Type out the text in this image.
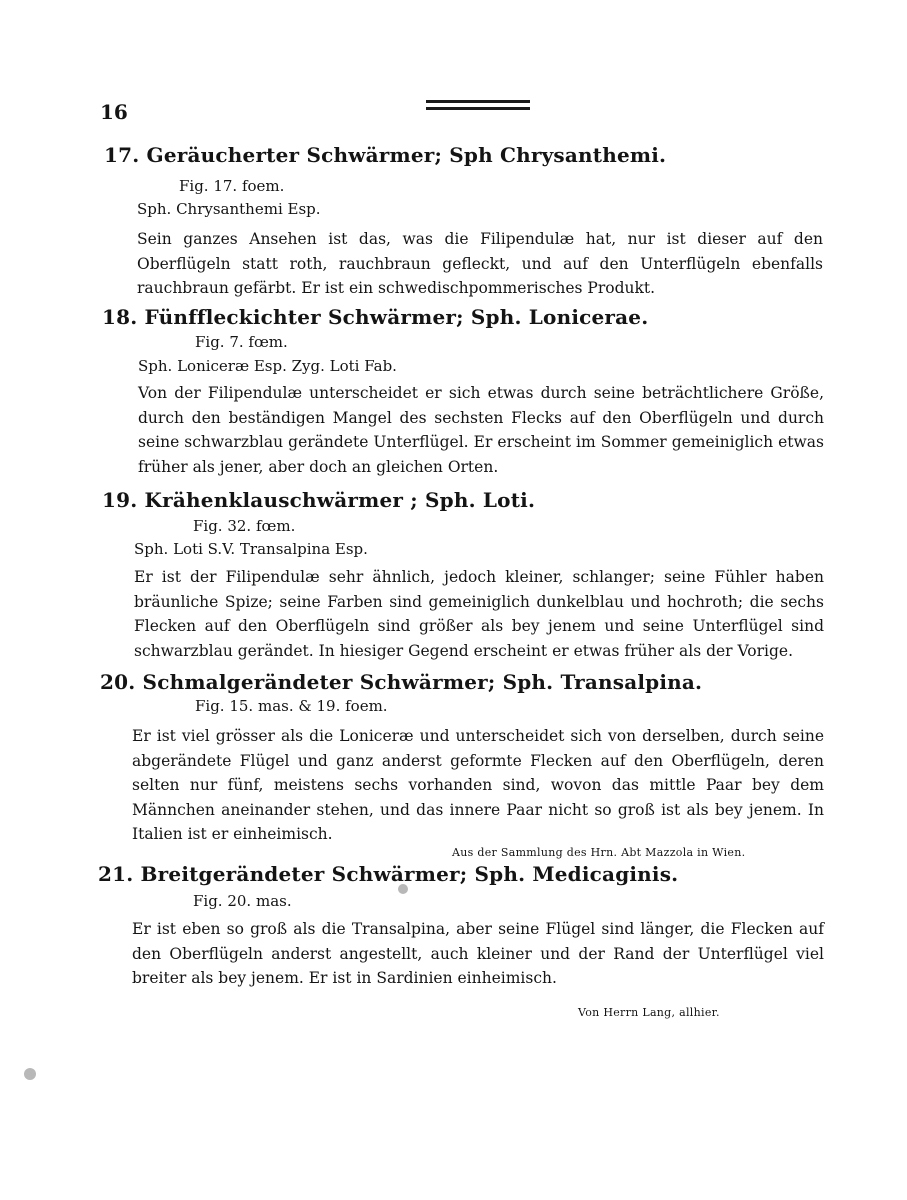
16
17. Geräucherter Schwärmer; Sph Chrysanthemi.
Fig. 17. foem.
Sph. Chrysanthemi Esp.
Sein ganzes Ansehen ist das, was die Filipendulæ hat, nur ist dieser auf den Oberflügeln statt roth, rauchbraun gefleckt, und auf den Unterflügeln ebenfalls rauchbraun gefärbt. Er ist ein schwedischpommerisches Produkt.
18. Fünffleckichter Schwärmer; Sph. Lonicerae.
Fig. 7. fœm.
Sph. Loniceræ Esp. Zyg. Loti Fab.
Von der Filipendulæ unterscheidet er sich etwas durch seine beträchtlichere Größe, durch den beständigen Mangel des sechsten Flecks auf den Oberflügeln und durch seine schwarzblau gerändete Unterflügel. Er erscheint im Sommer gemeiniglich etwas früher als jener, aber doch an gleichen Orten.
19. Krähenklauschwärmer ; Sph. Loti.
Fig. 32. fœm.
Sph. Loti S.V. Transalpina Esp.
Er ist der Filipendulæ sehr ähnlich, jedoch kleiner, schlanger; seine Fühler haben bräunliche Spize; seine Farben sind gemeiniglich dunkelblau und hochroth; die sechs Flecken auf den Oberflügeln sind größer als bey jenem und seine Unterflügel sind schwarzblau gerändet. In hiesiger Gegend erscheint er etwas früher als der Vorige.
20. Schmalgerändeter Schwärmer; Sph. Transalpina.
Fig. 15. mas. & 19. foem.
Er ist viel grösser als die Loniceræ und unterscheidet sich von derselben, durch seine abgerändete Flügel und ganz anderst geformte Flecken auf den Oberflügeln, deren selten nur fünf, meistens sechs vorhanden sind, wovon das mittle Paar bey dem Männchen aneinander stehen, und das innere Paar nicht so groß ist als bey jenem. In Italien ist er einheimisch.
Aus der Sammlung des Hrn. Abt Mazzola in Wien.
21. Breitgerändeter Schwärmer; Sph. Medicaginis.
Fig. 20. mas.
Er ist eben so groß als die Transalpina, aber seine Flügel sind länger, die Flecken auf den Oberflügeln anderst angestellt, auch kleiner und der Rand der Unterflügel viel breiter als bey jenem. Er ist in Sardinien einheimisch.
Von Herrn Lang, allhier.
